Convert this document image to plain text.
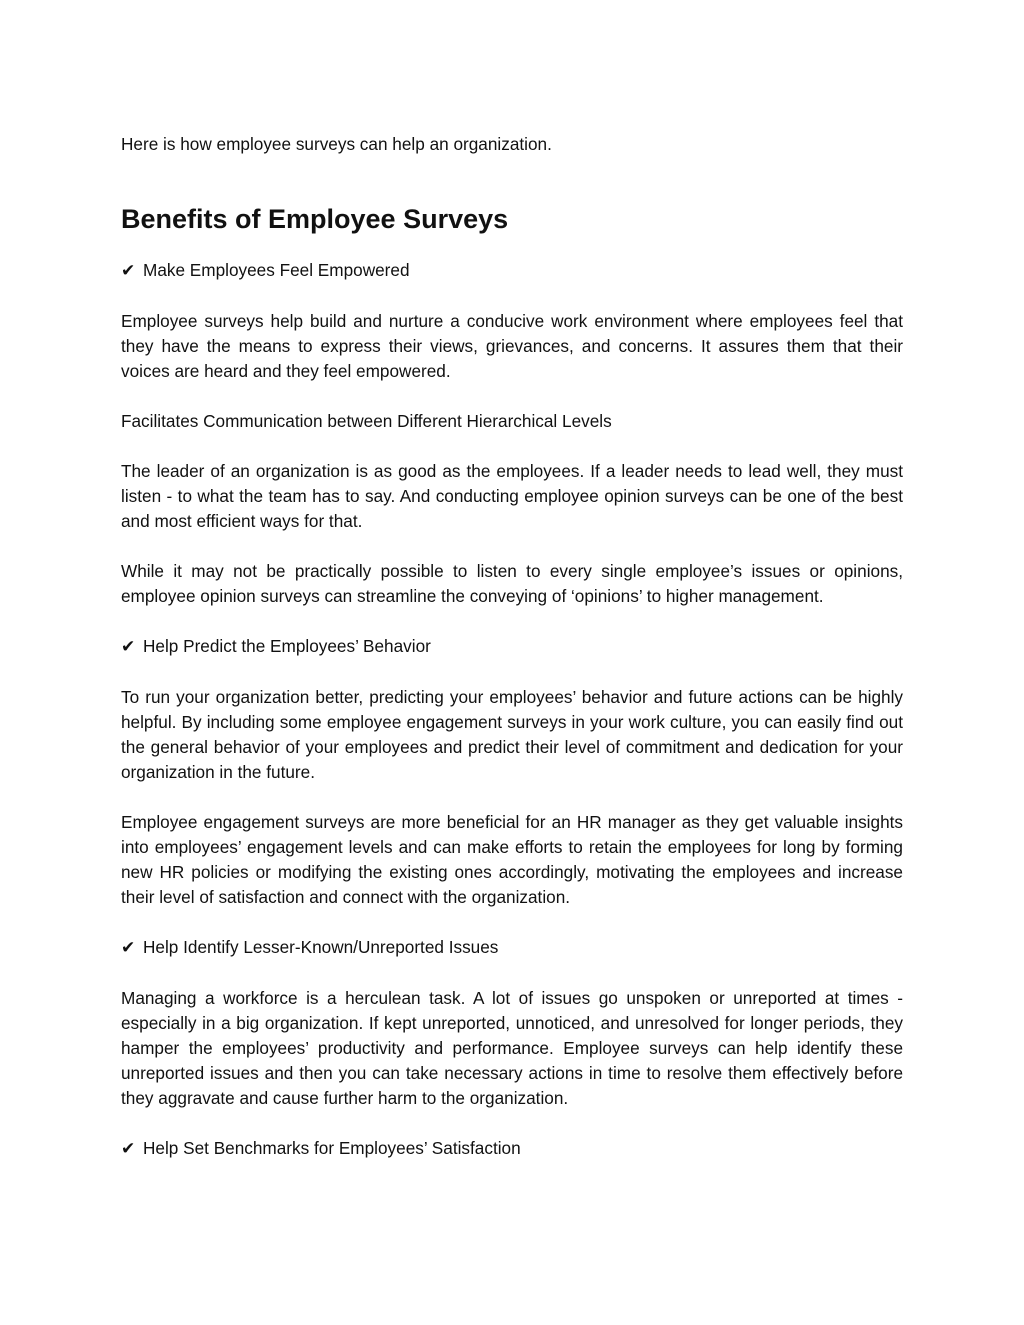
Here is how employee surveys can help an organization.

Benefits of Employee Surveys

✔ Make Employees Feel Empowered

Employee surveys help build and nurture a conducive work environment where employees feel that they have the means to express their views, grievances, and concerns. It assures them that their voices are heard and they feel empowered.

Facilitates Communication between Different Hierarchical Levels

The leader of an organization is as good as the employees. If a leader needs to lead well, they must listen - to what the team has to say. And conducting employee opinion surveys can be one of the best and most efficient ways for that.

While it may not be practically possible to listen to every single employee’s issues or opinions, employee opinion surveys can streamline the conveying of ‘opinions’ to higher management.

✔ Help Predict the Employees’ Behavior

To run your organization better, predicting your employees’ behavior and future actions can be highly helpful. By including some employee engagement surveys in your work culture, you can easily find out the general behavior of your employees and predict their level of commitment and dedication for your organization in the future.

Employee engagement surveys are more beneficial for an HR manager as they get valuable insights into employees’ engagement levels and can make efforts to retain the employees for long by forming new HR policies or modifying the existing ones accordingly, motivating the employees and increase their level of satisfaction and connect with the organization.

✔ Help Identify Lesser-Known/Unreported Issues

Managing a workforce is a herculean task. A lot of issues go unspoken or unreported at times - especially in a big organization. If kept unreported, unnoticed, and unresolved for longer periods, they hamper the employees’ productivity and performance. Employee surveys can help identify these unreported issues and then you can take necessary actions in time to resolve them effectively before they aggravate and cause further harm to the organization.

✔ Help Set Benchmarks for Employees’ Satisfaction
